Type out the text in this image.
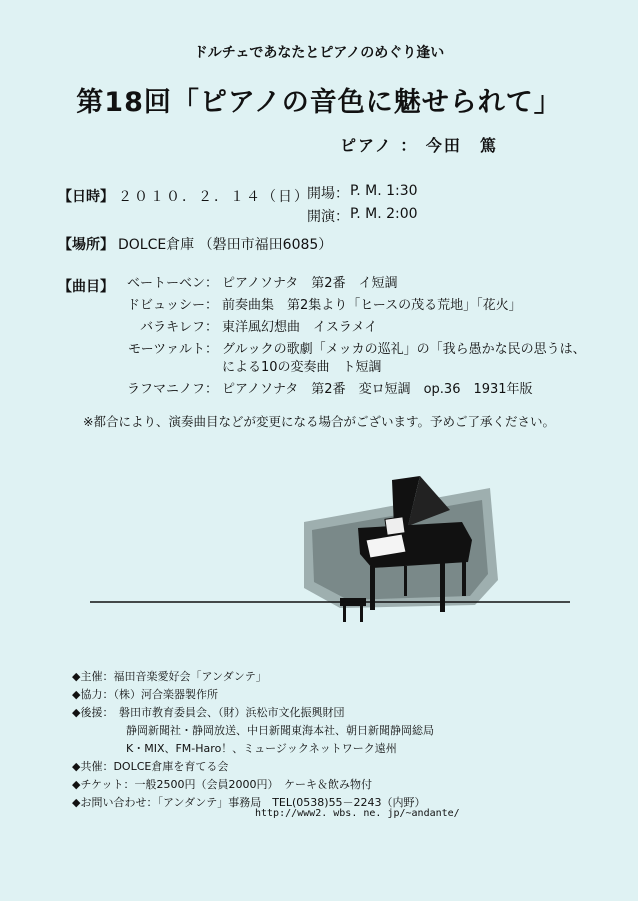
ドルチェであなたとピアノのめぐり逢い
第18回「ピアノの音色に魅せられて」
ピアノ ： 今田　篤
【日時】 ２０１０．２．１４（日）
開場： P. M. 1:30
開演： P. M. 2:00
【場所】 DOLCE倉庫 （磐田市福田6085）
【曲目】 ベートーベン： ピアノソナタ　第2番　イ短調
ドビュッシー： 前奏曲集　第2集より「ヒースの茂る荒地」「花火」
バラキレフ： 東洋風幻想曲　イスラメイ
モーツァルト： グルックの歌劇「メッカの巡礼」の「我ら愚かな民の思うは、
による10の変奏曲　ト短調
ラフマニノフ： ピアノソナタ　第2番　変ロ短調　op.36　1931年版
※都合により、演奏曲目などが変更になる場合がございます。予めご了承ください。
◆主催：福田音楽愛好会「アンダンテ」
◆協力：（株）河合楽器製作所
◆後援：　磐田市教育委員会、（財）浜松市文化振興財団
静岡新聞社・静岡放送、中日新聞東海本社、朝日新聞静岡総局
K・MIX、FM-Haro！、ミュージックネットワーク遠州
◆共催：DOLCE倉庫を育てる会
◆チケット：一般2500円（会員2000円）　ケーキ＆飲み物付
◆お問い合わせ：「アンダンテ」事務局　TEL(0538)55－2243（内野）
http://www2. wbs. ne. jp/~andante/
